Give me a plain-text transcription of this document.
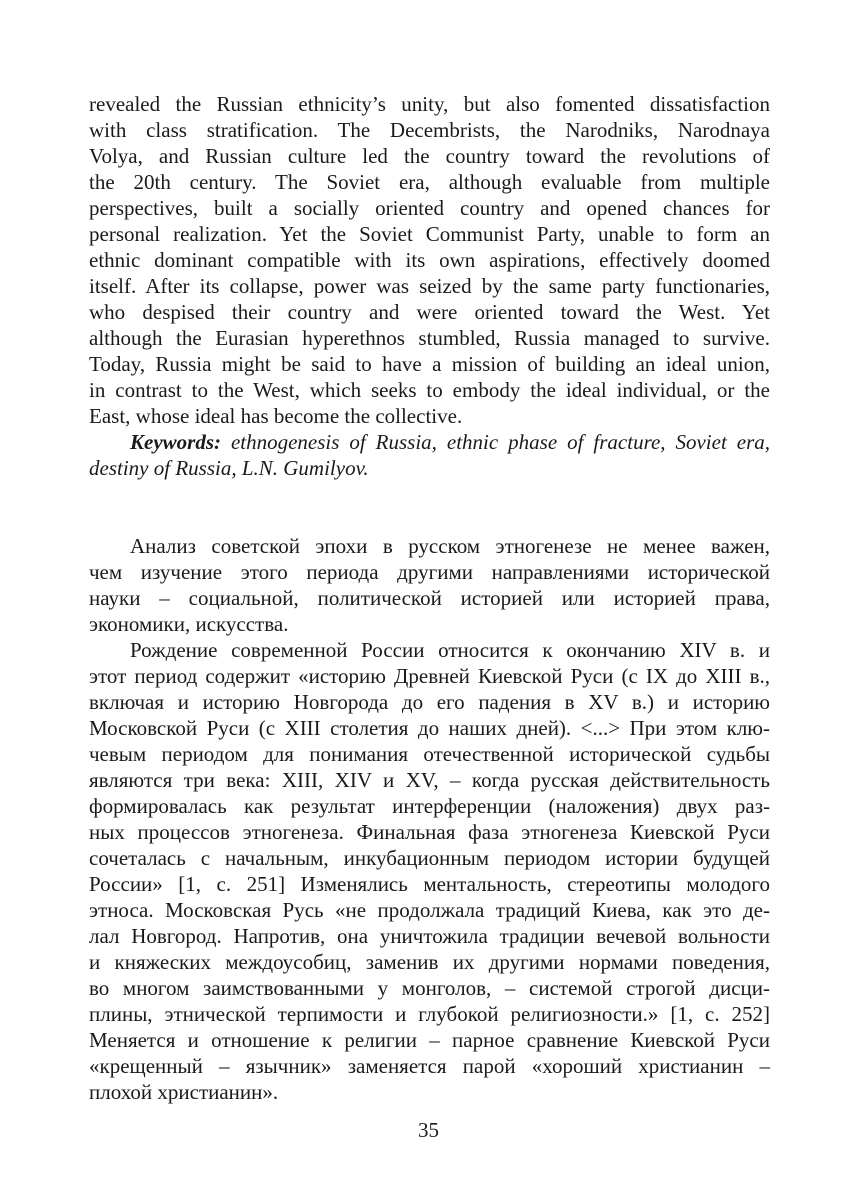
revealed the Russian ethnicity’s unity, but also fomented dissatisfaction

with class stratification. The Decembrists, the Narodniks, Narodnaya

Volya, and Russian culture led the country toward the revolutions of

the 20th century. The Soviet era, although evaluable from multiple

perspectives, built a socially oriented country and opened chances for

personal realization. Yet the Soviet Communist Party, unable to form an

ethnic dominant compatible with its own aspirations, effectively doomed

itself. After its collapse, power was seized by the same party functionaries,

who despised their country and were oriented toward the West. Yet

although the Eurasian hyperethnos stumbled, Russia managed to survive.

Today, Russia might be said to have a mission of building an ideal union,

in contrast to the West, which seeks to embody the ideal individual, or the

East, whose ideal has become the collective.

Keywords: ethnogenesis of Russia, ethnic phase of fracture, Soviet era,

destiny of Russia, L.N. Gumilyov.

Анализ советской эпохи в русском этногенезе не менее важен,

чем изучение этого периода другими направлениями исторической

науки – социальной, политической историей или историей права,

экономики, искусства.

Рождение современной России относится к окончанию XIV в. и

этот период содержит «историю Древней Киевской Руси (с IX до XIII в.,

включая и историю Новгорода до его падения в XV в.) и историю

Московской Руси (с XIII столетия до наших дней). <...> При этом клю-

чевым периодом для понимания отечественной исторической судьбы

являются три века: XIII, XIV и XV, – когда русская действительность

формировалась как результат интерференции (наложения) двух раз-

ных процессов этногенеза. Финальная фаза этногенеза Киевской Руси

сочеталась с начальным, инкубационным периодом истории будущей

России» [1, с. 251] Изменялись ментальность, стереотипы молодого

этноса. Московская Русь «не продолжала традиций Киева, как это де-

лал Новгород. Напротив, она уничтожила традиции вечевой вольности

и княжеских междоусобиц, заменив их другими нормами поведения,

во многом заимствованными у монголов, – системой строгой дисци-

плины, этнической терпимости и глубокой религиозности.» [1, с. 252]

Меняется и отношение к религии – парное сравнение Киевской Руси

«крещенный – язычник» заменяется парой «хороший христианин –

плохой христианин».

35
